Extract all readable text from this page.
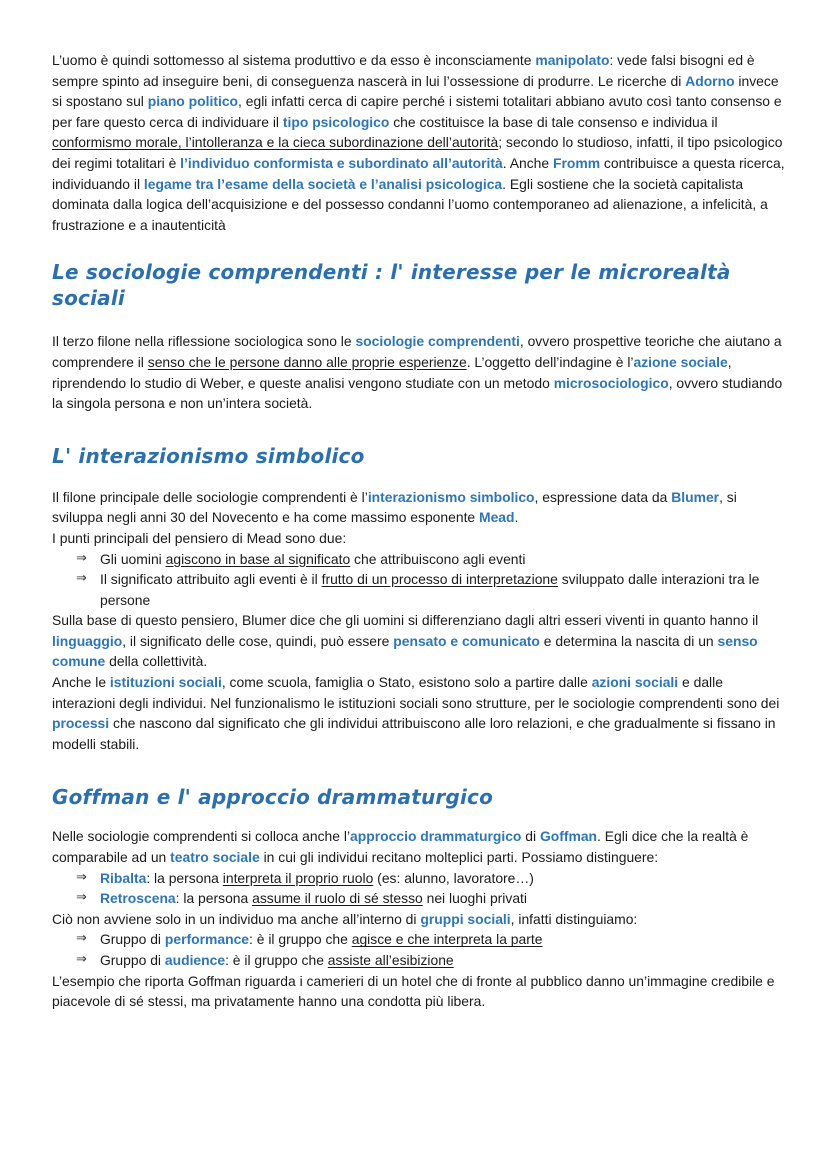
L’uomo è quindi sottomesso al sistema produttivo e da esso è inconsciamente manipolato: vede falsi bisogni ed è sempre spinto ad inseguire beni, di conseguenza nascerà in lui l’ossessione di produrre. Le ricerche di Adorno invece si spostano sul piano politico, egli infatti cerca di capire perché i sistemi totalitari abbiano avuto così tanto consenso e per fare questo cerca di individuare il tipo psicologico che costituisce la base di tale consenso e individua il conformismo morale, l’intolleranza e la cieca subordinazione dell’autorità; secondo lo studioso, infatti, il tipo psicologico dei regimi totalitari è l’individuo conformista e subordinato all’autorità. Anche Fromm contribuisce a questa ricerca, individuando il legame tra l’esame della società e l’analisi psicologica. Egli sostiene che la società capitalista dominata dalla logica dell’acquisizione e del possesso condanni l’uomo contemporaneo ad alienazione, a infelicità, a frustrazione e a inautenticità

Le sociologie comprendenti : l' interesse per le microrealtà sociali

Il terzo filone nella riflessione sociologica sono le sociologie comprendenti, ovvero prospettive teoriche che aiutano a comprendere il senso che le persone danno alle proprie esperienze. L’oggetto dell’indagine è l’azione sociale, riprendendo lo studio di Weber, e queste analisi vengono studiate con un metodo microsociologico, ovvero studiando la singola persona e non un’intera società.

L' interazionismo simbolico

Il filone principale delle sociologie comprendenti è l’interazionismo simbolico, espressione data da Blumer, si sviluppa negli anni 30 del Novecento e ha come massimo esponente Mead.

I punti principali del pensiero di Mead sono due:

⇒ Gli uomini agiscono in base al significato che attribuiscono agli eventi
⇒ Il significato attribuito agli eventi è il frutto di un processo di interpretazione sviluppato dalle interazioni tra le persone

Sulla base di questo pensiero, Blumer dice che gli uomini si differenziano dagli altri esseri viventi in quanto hanno il linguaggio, il significato delle cose, quindi, può essere pensato e comunicato e determina la nascita di un senso comune della collettività.

Anche le istituzioni sociali, come scuola, famiglia o Stato, esistono solo a partire dalle azioni sociali e dalle interazioni degli individui. Nel funzionalismo le istituzioni sociali sono strutture, per le sociologie comprendenti sono dei processi che nascono dal significato che gli individui attribuiscono alle loro relazioni, e che gradualmente si fissano in modelli stabili.

Goffman e l' approccio drammaturgico

Nelle sociologie comprendenti si colloca anche l’approccio drammaturgico di Goffman. Egli dice che la realtà è comparabile ad un teatro sociale in cui gli individui recitano molteplici parti. Possiamo distinguere:

⇒ Ribalta: la persona interpreta il proprio ruolo (es: alunno, lavoratore…)
⇒ Retroscena: la persona assume il ruolo di sé stesso nei luoghi privati

Ciò non avviene solo in un individuo ma anche all’interno di gruppi sociali, infatti distinguiamo:

⇒ Gruppo di performance: è il gruppo che agisce e che interpreta la parte
⇒ Gruppo di audience: è il gruppo che assiste all’esibizione

L’esempio che riporta Goffman riguarda i camerieri di un hotel che di fronte al pubblico danno un’immagine credibile e piacevole di sé stessi, ma privatamente hanno una condotta più libera.
